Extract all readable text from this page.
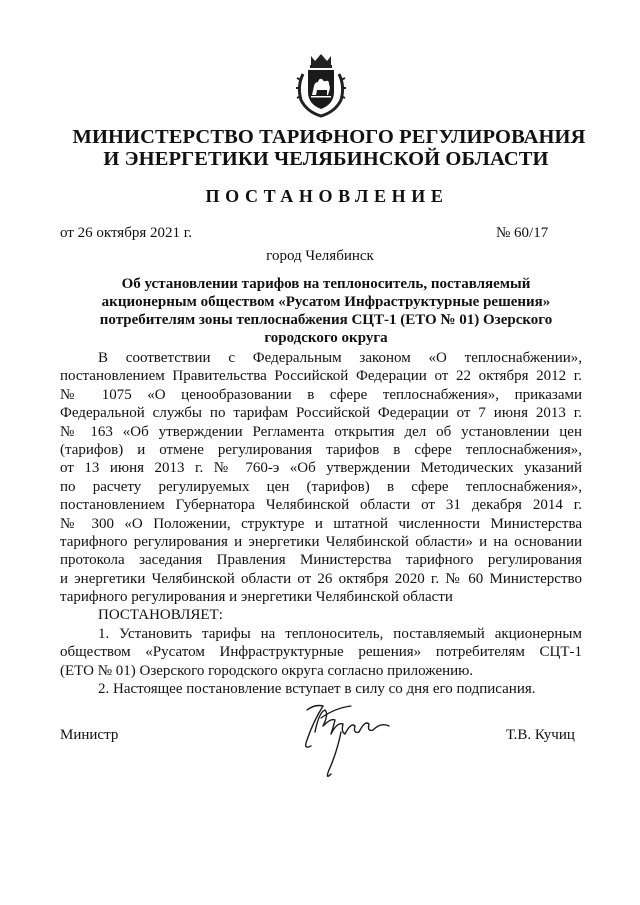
МИНИСТЕРСТВО ТАРИФНОГО РЕГУЛИРОВАНИЯ
И ЭНЕРГЕТИКИ ЧЕЛЯБИНСКОЙ ОБЛАСТИ
ПОСТАНОВЛЕНИЕ
от 26 октября 2021 г.	№ 60/17
город Челябинск
Об установлении тарифов на теплоноситель, поставляемый
акционерным обществом «Русатом Инфраструктурные решения»
потребителям зоны теплоснабжения СЦТ-1 (ЕТО № 01) Озерского
городского округа
В соответствии с Федеральным законом «О теплоснабжении»,
постановлением Правительства Российской Федерации от 22 октября 2012 г.
№ 1075 «О ценообразовании в сфере теплоснабжения», приказами
Федеральной службы по тарифам Российской Федерации от 7 июня 2013 г.
№ 163 «Об утверждении Регламента открытия дел об установлении цен
(тарифов) и отмене регулирования тарифов в сфере теплоснабжения»,
от 13 июня 2013 г. № 760-э «Об утверждении Методических указаний
по расчету регулируемых цен (тарифов) в сфере теплоснабжения»,
постановлением Губернатора Челябинской области от 31 декабря 2014 г.
№ 300 «О Положении, структуре и штатной численности Министерства
тарифного регулирования и энергетики Челябинской области» и на основании
протокола заседания Правления Министерства тарифного регулирования
и энергетики Челябинской области от 26 октября 2020 г. № 60 Министерство
тарифного регулирования и энергетики Челябинской области
ПОСТАНОВЛЯЕТ:
1. Установить тарифы на теплоноситель, поставляемый акционерным
обществом «Русатом Инфраструктурные решения» потребителям СЦТ-1
(ЕТО № 01) Озерского городского округа согласно приложению.
2. Настоящее постановление вступает в силу со дня его подписания.
Министр	Т.В. Кучиц
